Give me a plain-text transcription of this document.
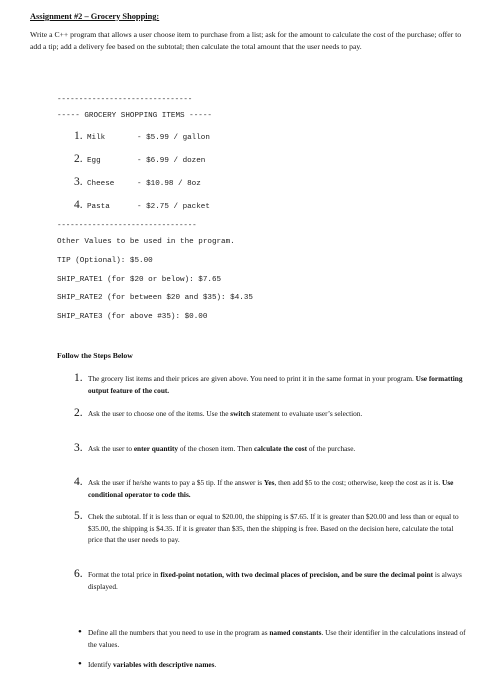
Assignment #2 – Grocery Shopping:
Write a C++ program that allows a user choose item to purchase from a list; ask for the amount to calculate the cost of the purchase; offer to add a tip; add a delivery fee based on the subtotal; then calculate the total amount that the user needs to pay.
-------------------------------
----- GROCERY SHOPPING ITEMS -----
1. Milk	- $5.99 / gallon
2. Egg	- $6.99 / dozen
3. Cheese	- $10.98 / 8oz
4. Pasta	- $2.75 / packet
--------------------------------
Other Values to be used in the program.
TIP (Optional): $5.00
SHIP_RATE1 (for $20 or below): $7.65
SHIP_RATE2 (for between $20 and $35): $4.35
SHIP_RATE3 (for above #35): $0.00
Follow the Steps Below
1. The grocery list items and their prices are given above. You need to print it in the same format in your program. Use formatting output feature of the cout.
2. Ask the user to choose one of the items. Use the switch statement to evaluate user’s selection.
3. Ask the user to enter quantity of the chosen item. Then calculate the cost of the purchase.
4. Ask the user if he/she wants to pay a $5 tip. If the answer is Yes, then add $5 to the cost; otherwise, keep the cost as it is. Use conditional operator to code this.
5. Chek the subtotal. If it is less than or equal to $20.00, the shipping is $7.65. If it is greater than $20.00 and less than or equal to $35.00, the shipping is $4.35. If it is greater than $35, then the shipping is free. Based on the decision here, calculate the total price that the user needs to pay.
6. Format the total price in fixed-point notation, with two decimal places of precision, and be sure the decimal point is always displayed.
• Define all the numbers that you need to use in the program as named constants. Use their identifier in the calculations instead of the values.
• Identify variables with descriptive names.
